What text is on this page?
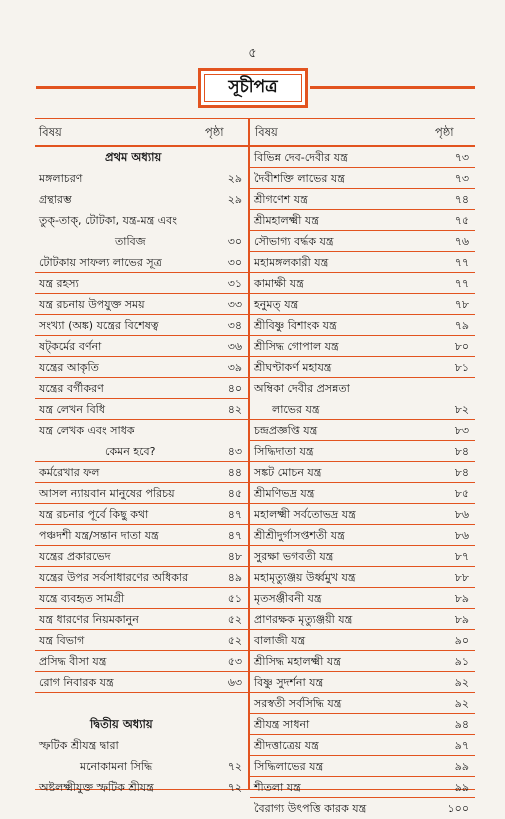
৫
সূচীপত্র
বিষয়	পৃষ্ঠা	বিষয়	পৃষ্ঠা
প্রথম অধ্যায়
মঙ্গলাচরণ	২৯
গ্রন্থারম্ভ	২৯
তুক্-তাক্, টোটকা, যন্ত্র-মন্ত্র এবং
তাবিজ	৩০
টোটকায় সাফল্য লাভের সূত্র	৩০
যন্ত্র রহস্য	৩১
যন্ত্র রচনায় উপযুক্ত সময়	৩৩
সংখ্যা (অঙ্ক) যন্ত্রের বিশেষত্ব	৩৪
ষট্‌কর্মের বর্ণনা	৩৬
যন্ত্রের আকৃতি	৩৯
যন্ত্রের বর্গীকরণ	৪০
যন্ত্র লেখন বিধি	৪২
যন্ত্র লেখক এবং সাধক
কেমন হবে?	৪৩
কর্মরেখার ফল	৪৪
আসল ন্যায়বান মানুষের পরিচয়	৪৫
যন্ত্র রচনার পূর্বে কিছু কথা	৪৭
পঞ্চদশী যন্ত্র/সন্তান দাতা যন্ত্র	৪৭
যন্ত্রের প্রকারভেদ	৪৮
যন্ত্রের উপর সর্বসাধারণের অধিকার	৪৯
যন্ত্রে ব্যবহৃত সামগ্রী	৫১
যন্ত্র ধারণের নিয়মকানুন	৫২
যন্ত্র বিভাগ	৫২
প্রসিদ্ধ বীসা যন্ত্র	৫৩
রোগ নিবারক যন্ত্র	৬৩
দ্বিতীয় অধ্যায়
স্ফটিক শ্রীযন্ত্র দ্বারা
মনোকামনা সিদ্ধি	৭২
অষ্টলক্ষ্মীযুক্ত স্ফটিক শ্রীযন্ত্র	৭২
বিভিন্ন দেব-দেবীর যন্ত্র	৭৩
দৈবীশক্তি লাভের যন্ত্র	৭৩
শ্রীগণেশ যন্ত্র	৭৪
শ্রীমহালক্ষ্মী যন্ত্র	৭৫
সৌভাগ্য বর্দ্ধক যন্ত্র	৭৬
মহামঙ্গলকারী যন্ত্র	৭৭
কামাক্ষী যন্ত্র	৭৭
হনুমত্ যন্ত্র	৭৮
শ্রীবিষ্ণু বিশাংক যন্ত্র	৭৯
শ্রীসিদ্ধ গোপাল যন্ত্র	৮০
শ্রীঘণ্টাকর্ণ মহাযন্ত্র	৮১
অম্বিকা দেবীর প্রসন্নতা
লাভের যন্ত্র	৮২
চন্দ্রপ্রজ্ঞপ্তি যন্ত্র	৮৩
সিদ্ধিদাতা যন্ত্র	৮৪
সঙ্কট মোচন যন্ত্র	৮৪
শ্রীমণিভদ্র যন্ত্র	৮৫
মহালক্ষ্মী সর্বতোভদ্র যন্ত্র	৮৬
শ্রীশ্রীদুর্গাসপ্তশতী যন্ত্র	৮৬
সুরক্ষা ভগবতী যন্ত্র	৮৭
মহামৃত্যুঞ্জয় উর্ধ্বমুখ যন্ত্র	৮৮
মৃতসঞ্জীবনী যন্ত্র	৮৯
প্রাণরক্ষক মৃত্যুঞ্জয়ী যন্ত্র	৮৯
বালাজী যন্ত্র	৯০
শ্রীসিদ্ধ মহালক্ষ্মী যন্ত্র	৯১
বিষ্ণু সুদর্শনা যন্ত্র	৯২
সরস্বতী সর্বসিদ্ধি যন্ত্র	৯২
শ্রীযন্ত্র সাধনা	৯৪
শ্রীদত্তাত্রেয় যন্ত্র	৯৭
সিদ্ধিলাভের যন্ত্র	৯৯
শীতলা যন্ত্র	৯৯
বৈরাগ্য উৎপত্তি কারক যন্ত্র	১০০
